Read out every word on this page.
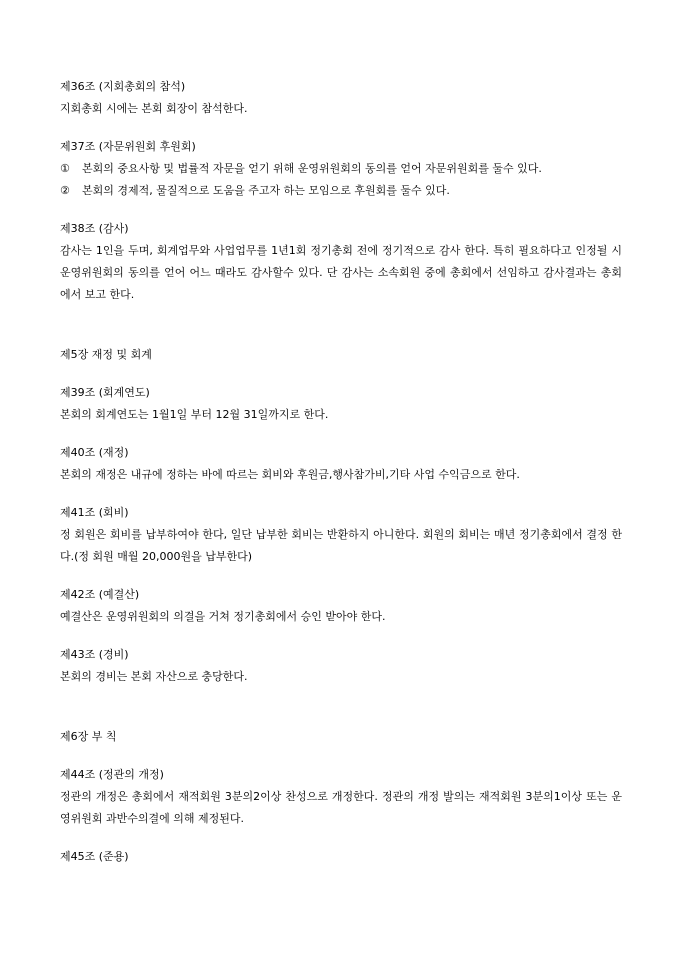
제36조 (지회총회의 참석)
지회총회 시에는 본회 회장이 참석한다.
제37조 (자문위원회 후원회)
① 본회의 중요사항 및 법률적 자문을 얻기 위해 운영위원회의 동의를 얻어 자문위원회를 둘수 있다.
② 본회의 경제적, 물질적으로 도움을 주고자 하는 모임으로 후원회를 둘수 있다.
제38조 (감사)
감사는 1인을 두며, 회계업무와 사업업무를 1년1회 정기총회 전에 정기적으로 감사 한다. 특히 필요하다고 인정될 시 운영위원회의 동의를 얻어 어느 때라도 감사할수 있다. 단 감사는 소속회원 중에 총회에서 선임하고 감사결과는 총회에서 보고 한다.
제5장 재정 및 회계
제39조 (회계연도)
본회의 회계연도는 1월1일 부터 12월 31일까지로 한다.
제40조 (재정)
본회의 재정은 내규에 정하는 바에 따르는 회비와 후원금,행사참가비,기타 사업 수익금으로 한다.
제41조 (회비)
정 회원은 회비를 납부하여야 한다, 일단 납부한 회비는 반환하지 아니한다. 회원의 회비는 매년 정기총회에서 결정 한다.(정 회원 매월 20,000원을 납부한다)
제42조 (예결산)
예결산은 운영위원회의 의결을 거쳐 정기총회에서 승인 받아야 한다.
제43조 (경비)
본회의 경비는 본회 자산으로 충당한다.
제6장 부 칙
제44조 (정관의 개정)
정관의 개정은 총회에서 재적회원 3분의2이상 찬성으로 개정한다. 정관의 개정 발의는 재적회원 3분의1이상 또는 운영위원회 과반수의결에 의해 제정된다.
제45조 (준용)
